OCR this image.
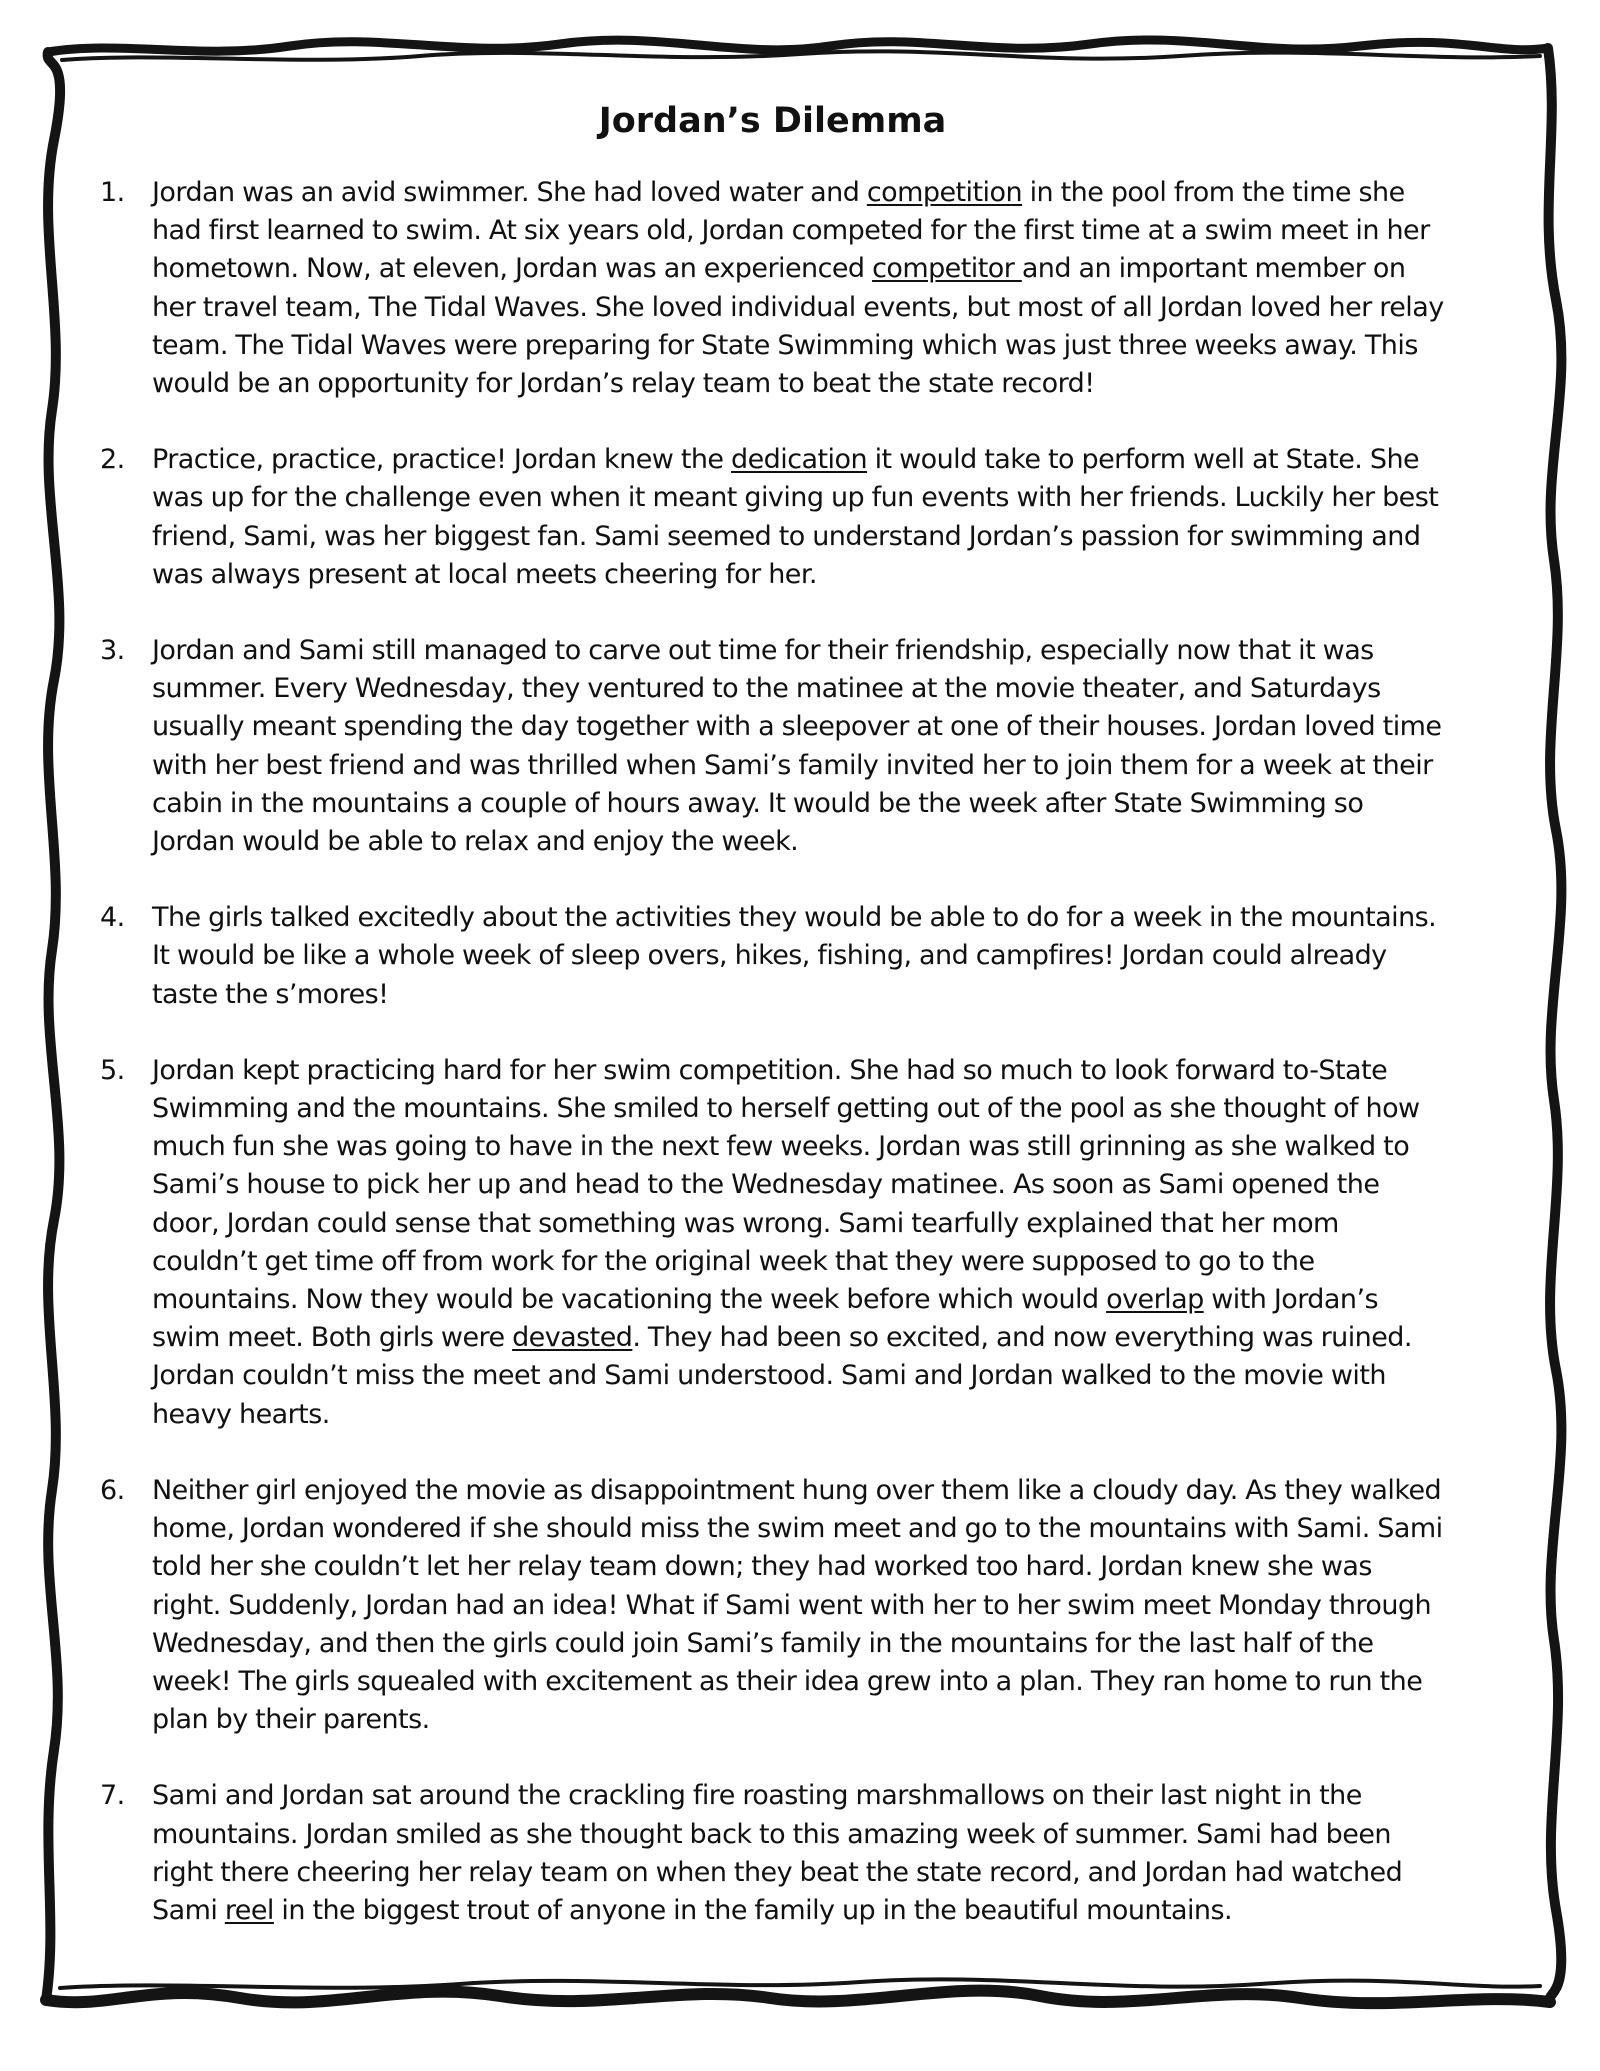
Jordan’s Dilemma
1. Jordan was an avid swimmer. She had loved water and competition in the pool from the time she had first learned to swim. At six years old, Jordan competed for the first time at a swim meet in her hometown. Now, at eleven, Jordan was an experienced competitor and an important member on her travel team, The Tidal Waves. She loved individual events, but most of all Jordan loved her relay team. The Tidal Waves were preparing for State Swimming which was just three weeks away. This would be an opportunity for Jordan’s relay team to beat the state record!
2. Practice, practice, practice! Jordan knew the dedication it would take to perform well at State. She was up for the challenge even when it meant giving up fun events with her friends. Luckily her best friend, Sami, was her biggest fan. Sami seemed to understand Jordan’s passion for swimming and was always present at local meets cheering for her.
3. Jordan and Sami still managed to carve out time for their friendship, especially now that it was summer. Every Wednesday, they ventured to the matinee at the movie theater, and Saturdays usually meant spending the day together with a sleepover at one of their houses. Jordan loved time with her best friend and was thrilled when Sami’s family invited her to join them for a week at their cabin in the mountains a couple of hours away. It would be the week after State Swimming so Jordan would be able to relax and enjoy the week.
4. The girls talked excitedly about the activities they would be able to do for a week in the mountains. It would be like a whole week of sleep overs, hikes, fishing, and campfires! Jordan could already taste the s’mores!
5. Jordan kept practicing hard for her swim competition. She had so much to look forward to-State Swimming and the mountains. She smiled to herself getting out of the pool as she thought of how much fun she was going to have in the next few weeks. Jordan was still grinning as she walked to Sami’s house to pick her up and head to the Wednesday matinee. As soon as Sami opened the door, Jordan could sense that something was wrong. Sami tearfully explained that her mom couldn’t get time off from work for the original week that they were supposed to go to the mountains. Now they would be vacationing the week before which would overlap with Jordan’s swim meet. Both girls were devasted. They had been so excited, and now everything was ruined. Jordan couldn’t miss the meet and Sami understood. Sami and Jordan walked to the movie with heavy hearts.
6. Neither girl enjoyed the movie as disappointment hung over them like a cloudy day. As they walked home, Jordan wondered if she should miss the swim meet and go to the mountains with Sami. Sami told her she couldn’t let her relay team down; they had worked too hard. Jordan knew she was right. Suddenly, Jordan had an idea! What if Sami went with her to her swim meet Monday through Wednesday, and then the girls could join Sami’s family in the mountains for the last half of the week! The girls squealed with excitement as their idea grew into a plan. They ran home to run the plan by their parents.
7. Sami and Jordan sat around the crackling fire roasting marshmallows on their last night in the mountains. Jordan smiled as she thought back to this amazing week of summer. Sami had been right there cheering her relay team on when they beat the state record, and Jordan had watched Sami reel in the biggest trout of anyone in the family up in the beautiful mountains.
